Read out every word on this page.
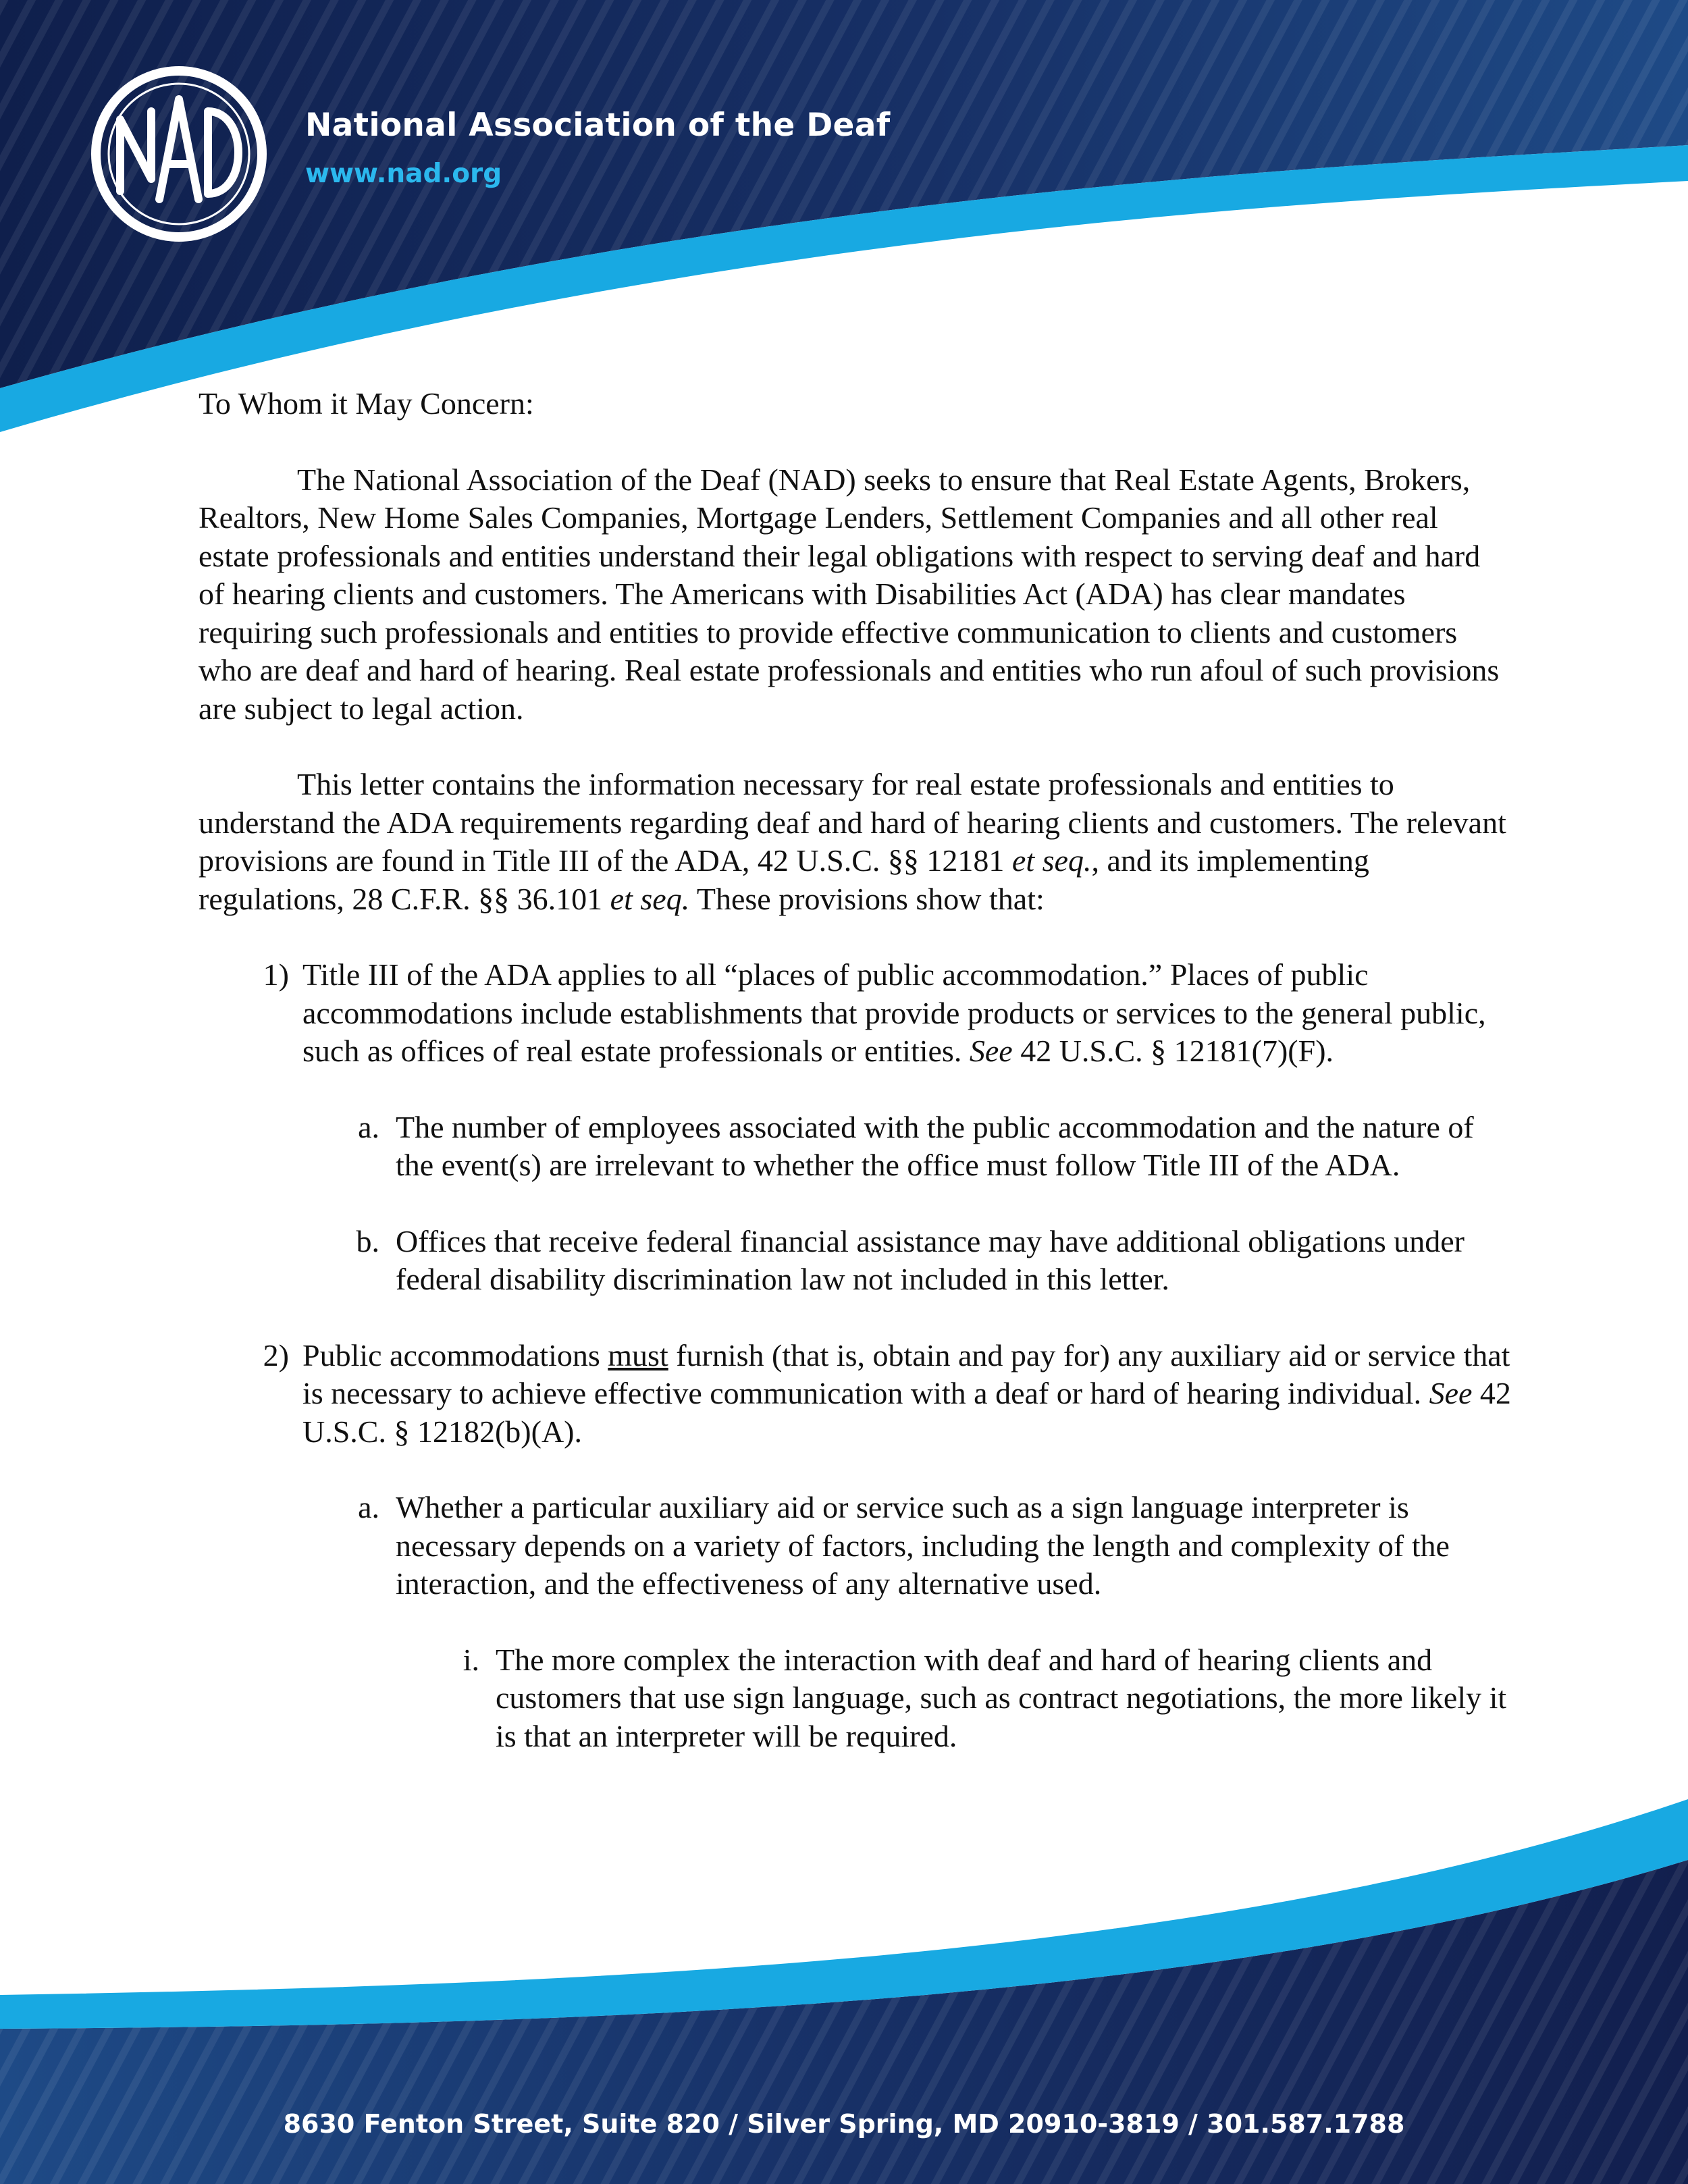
National Association of the Deaf
www.nad.org

To Whom it May Concern:

The National Association of the Deaf (NAD) seeks to ensure that Real Estate Agents, Brokers, Realtors, New Home Sales Companies, Mortgage Lenders, Settlement Companies and all other real estate professionals and entities understand their legal obligations with respect to serving deaf and hard of hearing clients and customers. The Americans with Disabilities Act (ADA) has clear mandates requiring such professionals and entities to provide effective communication to clients and customers who are deaf and hard of hearing. Real estate professionals and entities who run afoul of such provisions are subject to legal action.

This letter contains the information necessary for real estate professionals and entities to understand the ADA requirements regarding deaf and hard of hearing clients and customers. The relevant provisions are found in Title III of the ADA, 42 U.S.C. §§ 12181 et seq., and its implementing regulations, 28 C.F.R. §§ 36.101 et seq. These provisions show that:

1) Title III of the ADA applies to all “places of public accommodation.” Places of public accommodations include establishments that provide products or services to the general public, such as offices of real estate professionals or entities. See 42 U.S.C. § 12181(7)(F).
a. The number of employees associated with the public accommodation and the nature of the event(s) are irrelevant to whether the office must follow Title III of the ADA.
b. Offices that receive federal financial assistance may have additional obligations under federal disability discrimination law not included in this letter.
2) Public accommodations must furnish (that is, obtain and pay for) any auxiliary aid or service that is necessary to achieve effective communication with a deaf or hard of hearing individual. See 42 U.S.C. § 12182(b)(A).
a. Whether a particular auxiliary aid or service such as a sign language interpreter is necessary depends on a variety of factors, including the length and complexity of the interaction, and the effectiveness of any alternative used.
i. The more complex the interaction with deaf and hard of hearing clients and customers that use sign language, such as contract negotiations, the more likely it is that an interpreter will be required.
8630 Fenton Street, Suite 820 / Silver Spring, MD 20910-3819 / 301.587.1788
